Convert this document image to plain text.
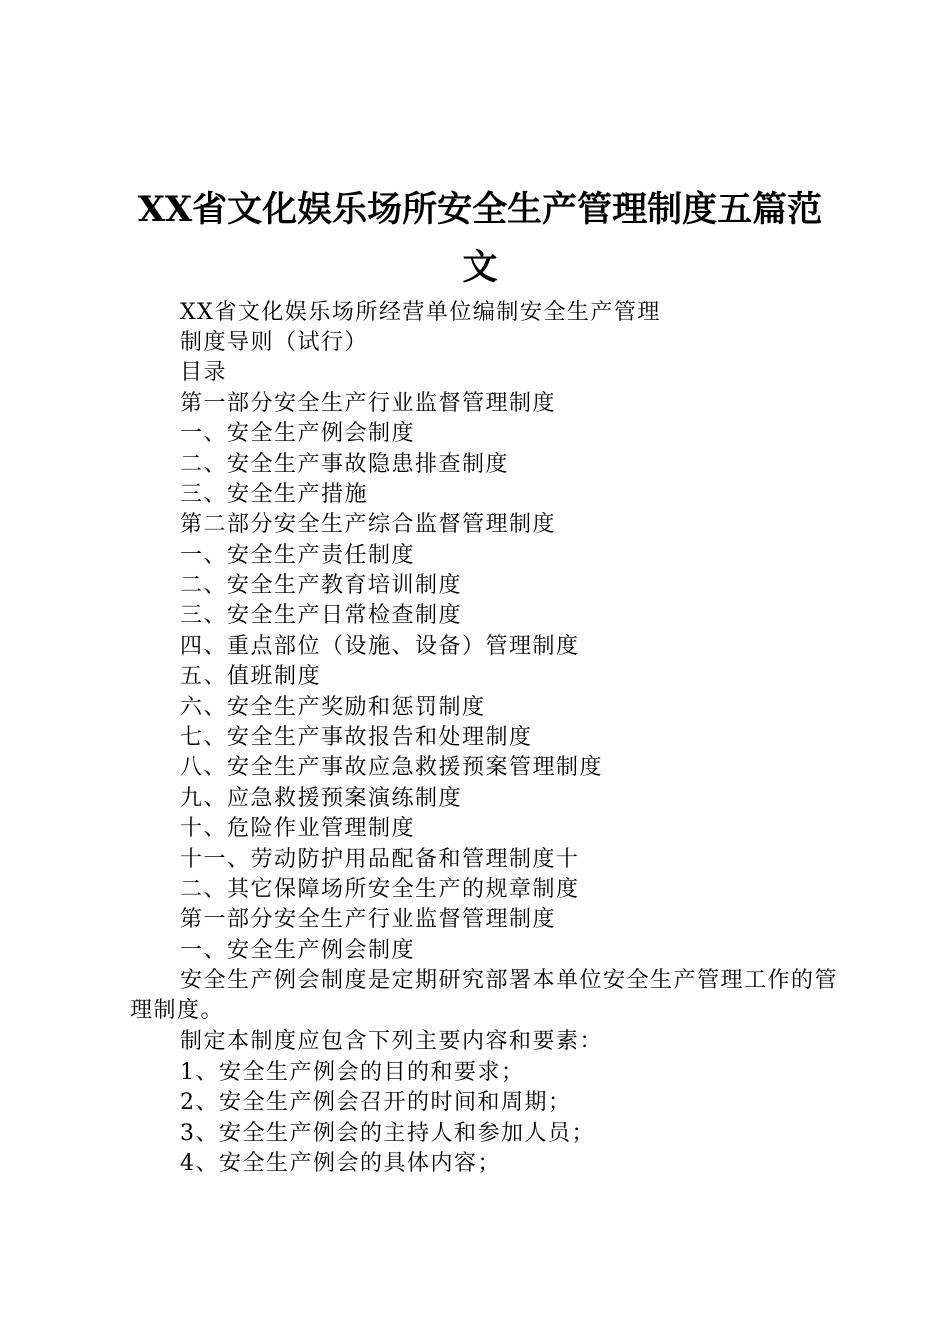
XX省文化娱乐场所安全生产管理制度五篇范
文
XX省文化娱乐场所经营单位编制安全生产管理
制度导则（试行）
目录
第一部分安全生产行业监督管理制度
一、安全生产例会制度
二、安全生产事故隐患排查制度
三、安全生产措施
第二部分安全生产综合监督管理制度
一、安全生产责任制度
二、安全生产教育培训制度
三、安全生产日常检查制度
四、重点部位（设施、设备）管理制度
五、值班制度
六、安全生产奖励和惩罚制度
七、安全生产事故报告和处理制度
八、安全生产事故应急救援预案管理制度
九、应急救援预案演练制度
十、危险作业管理制度
十一、劳动防护用品配备和管理制度十
二、其它保障场所安全生产的规章制度
第一部分安全生产行业监督管理制度
一、安全生产例会制度

安全生产例会制度是定期研究部署本单位安全生产管理工作的管理制度。

制定本制度应包含下列主要内容和要素：
1、安全生产例会的目的和要求；
2、安全生产例会召开的时间和周期；
3、安全生产例会的主持人和参加人员；
4、安全生产例会的具体内容；
